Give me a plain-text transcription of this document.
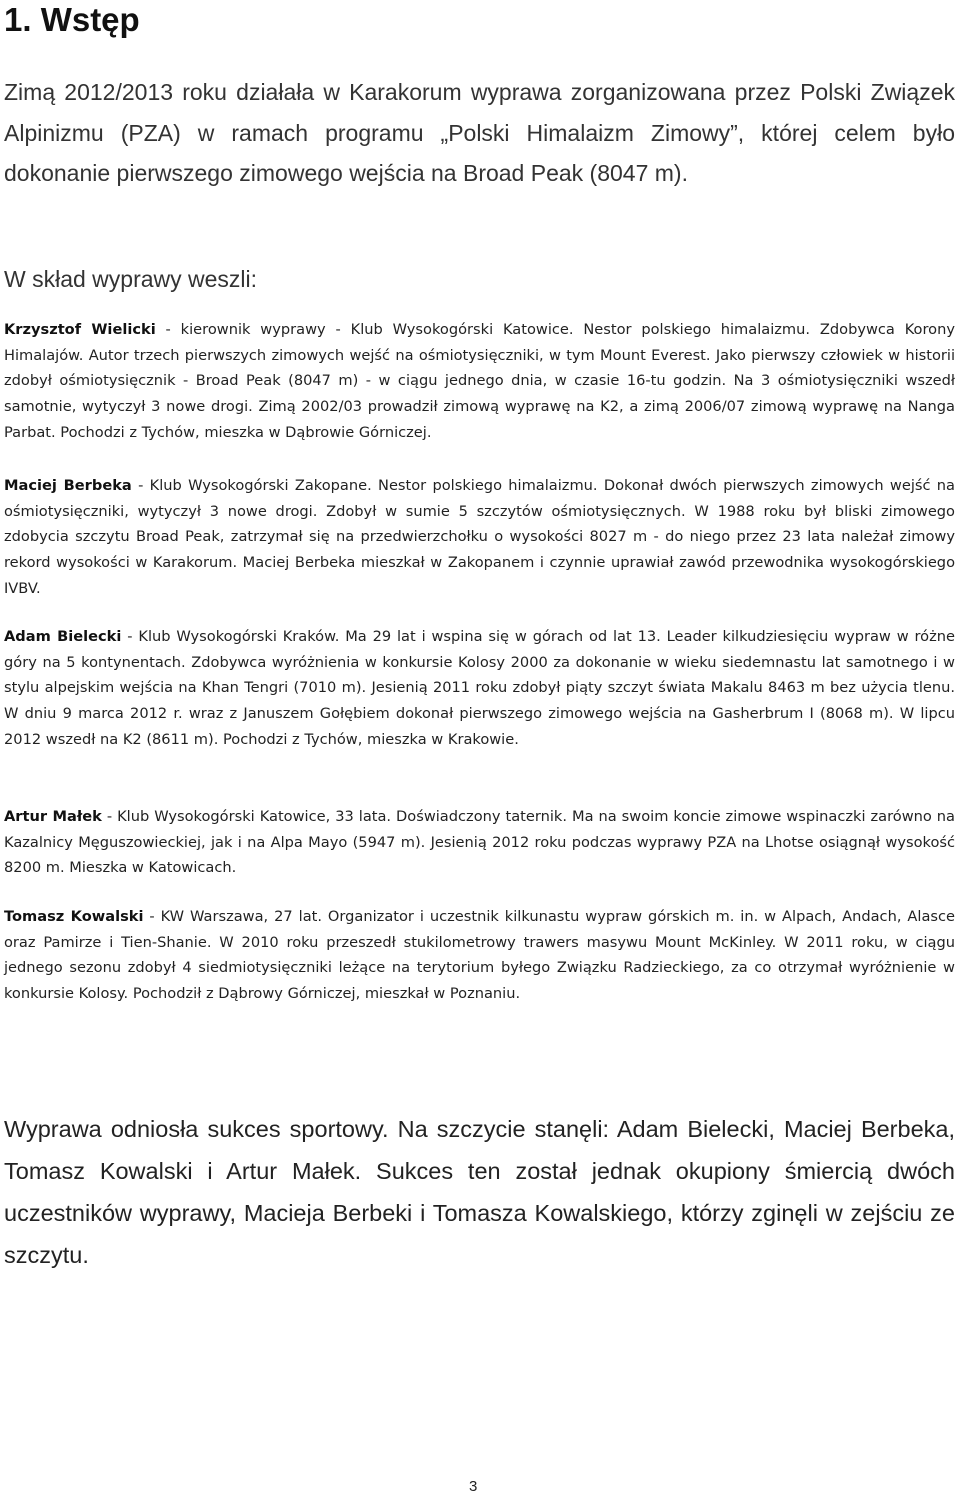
1. Wstęp

Zimą 2012/2013 roku działała w Karakorum wyprawa zorganizowana przez Polski Związek Alpinizmu (PZA) w ramach programu „Polski Himalaizm Zimowy”, której celem było dokonanie pierwszego zimowego wejścia na Broad Peak (8047 m).

W skład wyprawy weszli:

Krzysztof Wielicki - kierownik wyprawy - Klub Wysokogórski Katowice. Nestor polskiego himalaizmu. Zdobywca Korony Himalajów. Autor trzech pierwszych zimowych wejść na ośmiotysięczniki, w tym Mount Everest. Jako pierwszy człowiek w historii zdobył ośmiotysięcznik - Broad Peak (8047 m) - w ciągu jednego dnia, w czasie 16-tu godzin. Na 3 ośmiotysięczniki wszedł samotnie, wytyczył 3 nowe drogi. Zimą 2002/03 prowadził zimową wyprawę na K2, a zimą 2006/07 zimową wyprawę na Nanga Parbat. Pochodzi z Tychów, mieszka w Dąbrowie Górniczej.

Maciej Berbeka - Klub Wysokogórski Zakopane. Nestor polskiego himalaizmu. Dokonał dwóch pierwszych zimowych wejść na ośmiotysięczniki, wytyczył 3 nowe drogi. Zdobył w sumie 5 szczytów ośmiotysięcznych. W 1988 roku był bliski zimowego zdobycia szczytu Broad Peak, zatrzymał się na przedwierzchołku o wysokości 8027 m - do niego przez 23 lata należał zimowy rekord wysokości w Karakorum. Maciej Berbeka mieszkał w Zakopanem i czynnie uprawiał zawód przewodnika wysokogórskiego IVBV.

Adam Bielecki - Klub Wysokogórski Kraków. Ma 29 lat i wspina się w górach od lat 13. Leader kilkudziesięciu wypraw w różne góry na 5 kontynentach. Zdobywca wyróżnienia w konkursie Kolosy 2000 za dokonanie w wieku siedemnastu lat samotnego i w stylu alpejskim wejścia na Khan Tengri (7010 m). Jesienią 2011 roku zdobył piąty szczyt świata Makalu 8463 m bez użycia tlenu. W dniu 9 marca 2012 r. wraz z Januszem Gołębiem dokonał pierwszego zimowego wejścia na Gasherbrum I (8068 m). W lipcu 2012 wszedł na K2 (8611 m). Pochodzi z Tychów, mieszka w Krakowie.

Artur Małek - Klub Wysokogórski Katowice, 33 lata. Doświadczony taternik. Ma na swoim koncie zimowe wspinaczki zarówno na Kazalnicy Męguszowieckiej, jak i na Alpa Mayo (5947 m). Jesienią 2012 roku podczas wyprawy PZA na Lhotse osiągnął wysokość 8200 m. Mieszka w Katowicach.

Tomasz Kowalski - KW Warszawa, 27 lat. Organizator i uczestnik kilkunastu wypraw górskich m. in. w Alpach, Andach, Alasce oraz Pamirze i Tien-Shanie. W 2010 roku przeszedł stukilometrowy trawers masywu Mount McKinley. W 2011 roku, w ciągu jednego sezonu zdobył 4 siedmiotysięczniki leżące na terytorium byłego Związku Radzieckiego, za co otrzymał wyróżnienie w konkursie Kolosy. Pochodził z Dąbrowy Górniczej, mieszkał w Poznaniu.

Wyprawa odniosła sukces sportowy. Na szczycie stanęli: Adam Bielecki, Maciej Berbeka, Tomasz Kowalski i Artur Małek. Sukces ten został jednak okupiony śmiercią dwóch uczestników wyprawy, Macieja Berbeki i Tomasza Kowalskiego, którzy zginęli w zejściu ze szczytu.

3
